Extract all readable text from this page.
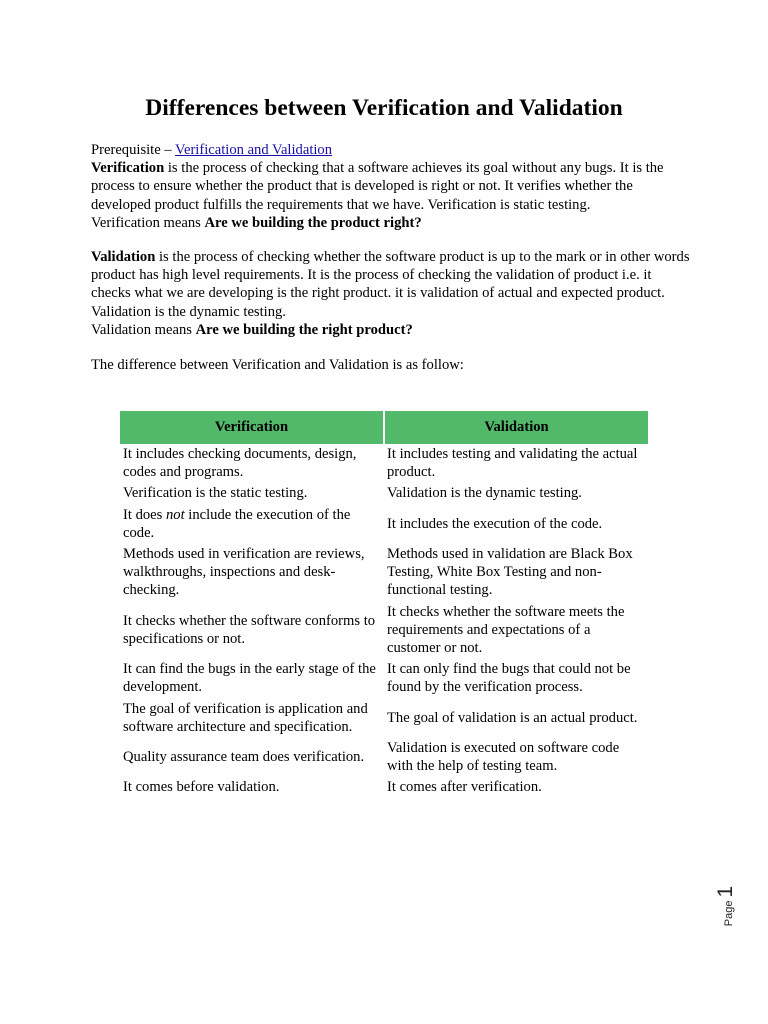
Differences between Verification and Validation

Prerequisite – Verification and Validation

Verification is the process of checking that a software achieves its goal without any bugs. It is the process to ensure whether the product that is developed is right or not. It verifies whether the developed product fulfills the requirements that we have. Verification is static testing.

Verification means Are we building the product right?

Validation is the process of checking whether the software product is up to the mark or in other words product has high level requirements. It is the process of checking the validation of product i.e. it checks what we are developing is the right product. it is validation of actual and expected product. Validation is the dynamic testing.

Validation means Are we building the right product?

The difference between Verification and Validation is as follow:
Verification	Validation
It includes checking documents, design, codes and programs.	It includes testing and validating the actual product.
Verification is the static testing.	Validation is the dynamic testing.
It does not include the execution of the code.	It includes the execution of the code.
Methods used in verification are reviews, walkthroughs, inspections and desk-checking.	Methods used in validation are Black Box Testing, White Box Testing and non-functional testing.
It checks whether the software conforms to specifications or not.	It checks whether the software meets the requirements and expectations of a customer or not.
It can find the bugs in the early stage of the development.	It can only find the bugs that could not be found by the verification process.
The goal of verification is application and software architecture and specification.	The goal of validation is an actual product.
Quality assurance team does verification.	Validation is executed on software code with the help of testing team.
It comes before validation.	It comes after verification.
Page
1
